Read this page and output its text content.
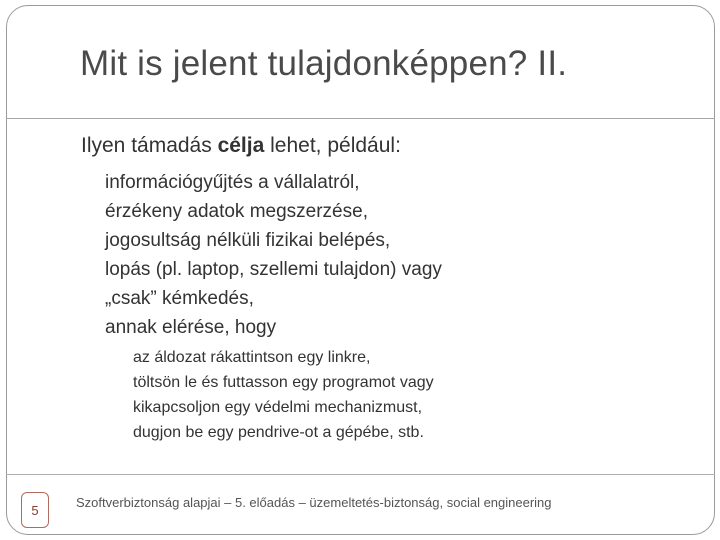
Mit is jelent tulajdonképpen? II.
Ilyen támadás célja lehet, például:
információgyűjtés a vállalatról,
érzékeny adatok megszerzése,
jogosultság nélküli fizikai belépés,
lopás (pl. laptop, szellemi tulajdon) vagy
„csak” kémkedés,
annak elérése, hogy
az áldozat rákattintson egy linkre,
töltsön le és futtasson egy programot vagy
kikapcsoljon egy védelmi mechanizmust,
dugjon be egy pendrive-ot a gépébe, stb.
5	Szoftverbiztonság alapjai – 5. előadás – üzemeltetés-biztonság, social engineering
